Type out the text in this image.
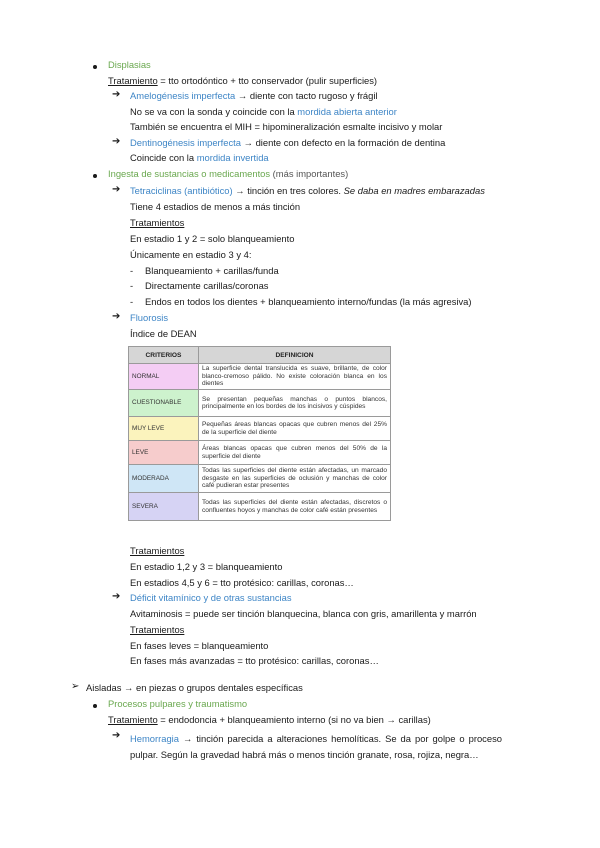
Displasias
Tratamiento = tto ortodóntico + tto conservador (pulir superficies)
➔ Amelogénesis imperfecta → diente con tacto rugoso y frágil
No se va con la sonda y coincide con la mordida abierta anterior
También se encuentra el MIH = hipomineralización esmalte incisivo y molar
➔ Dentinogénesis imperfecta → diente con defecto en la formación de dentina
Coincide con la mordida invertida
Ingesta de sustancias o medicamentos (más importantes)
➔ Tetraciclinas (antibiótico) → tinción en tres colores. Se daba en madres embarazadas
Tiene 4 estadios de menos a más tinción
Tratamientos
En estadio 1 y 2 = solo blanqueamiento
Únicamente en estadio 3 y 4:
- Blanqueamiento + carillas/funda
- Directamente carillas/coronas
- Endos en todos los dientes + blanqueamiento interno/fundas (la más agresiva)
➔ Fluorosis
Índice de DEAN
CRITERIOS	DEFINICION
NORMAL	La superficie dental translucida es suave, brillante, de color blanco-cremoso pálido. No existe coloración blanca en los dientes
CUESTIONABLE	Se presentan pequeñas manchas o puntos blancos, principalmente en los bordes de los incisivos y cúspides
MUY LEVE	Pequeñas áreas blancas opacas que cubren menos del 25% de la superficie del diente
LEVE	Áreas blancas opacas que cubren menos del 50% de la superficie del diente
MODERADA	Todas las superficies del diente están afectadas, un marcado desgaste en las superficies de oclusión y manchas de color café pudieran estar presentes
SEVERA	Todas las superficies del diente están afectadas, discretos o confluentes hoyos y manchas de color café están presentes
Tratamientos
En estadio 1,2 y 3 = blanqueamiento
En estadios 4,5 y 6 = tto protésico: carillas, coronas…
➔ Déficit vitamínico y de otras sustancias
Avitaminosis = puede ser tinción blanquecina, blanca con gris, amarillenta y marrón
Tratamientos
En fases leves = blanqueamiento
En fases más avanzadas = tto protésico: carillas, coronas…
➢ Aisladas → en piezas o grupos dentales específicas
Procesos pulpares y traumatismo
Tratamiento = endodoncia + blanqueamiento interno (si no va bien → carillas)
➔ Hemorragia → tinción parecida a alteraciones hemolíticas. Se da por golpe o proceso pulpar. Según la gravedad habrá más o menos tinción granate, rosa, rojiza, negra…
